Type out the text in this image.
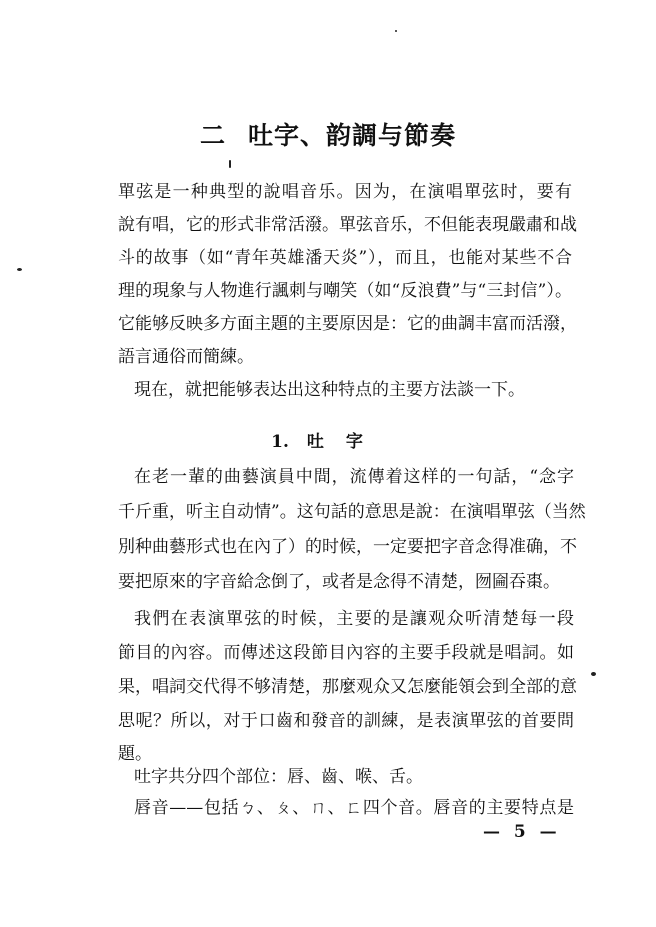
二 吐字、韵調与節奏
單弦是一种典型的說唱音乐。因为，在演唱單弦时，要有
說有唱，它的形式非常活潑。單弦音乐，不但能表現嚴肅和战
斗的故事（如“青年英雄潘天炎”），而且，也能对某些不合
理的現象与人物進行諷刺与嘲笑（如“反浪費”与“三封信”）。
它能够反映多方面主題的主要原因是：它的曲調丰富而活潑，
語言通俗而簡練。
現在，就把能够表达出这种特点的主要方法談一下。
1. 吐字
在老一輩的曲藝演員中間，流傳着这样的一句話，“念字
千斤重，听主自动情”。这句話的意思是說：在演唱單弦（当然
別种曲藝形式也在內了）的时候，一定要把字音念得准确，不
要把原來的字音給念倒了，或者是念得不清楚，囫圇吞棗。
我們在表演單弦的时候，主要的是讓观众听清楚每一段
節目的內容。而傳述这段節目內容的主要手段就是唱詞。如
果，唱詞交代得不够清楚，那麼观众又怎麼能領会到全部的意
思呢？所以，对于口齒和發音的訓練，是表演單弦的首要問
題。
吐字共分四个部位：唇、齒、喉、舌。
唇音——包括ㄅ、ㄆ、ㄇ、ㄈ四个音。唇音的主要特点是
— 5 —
